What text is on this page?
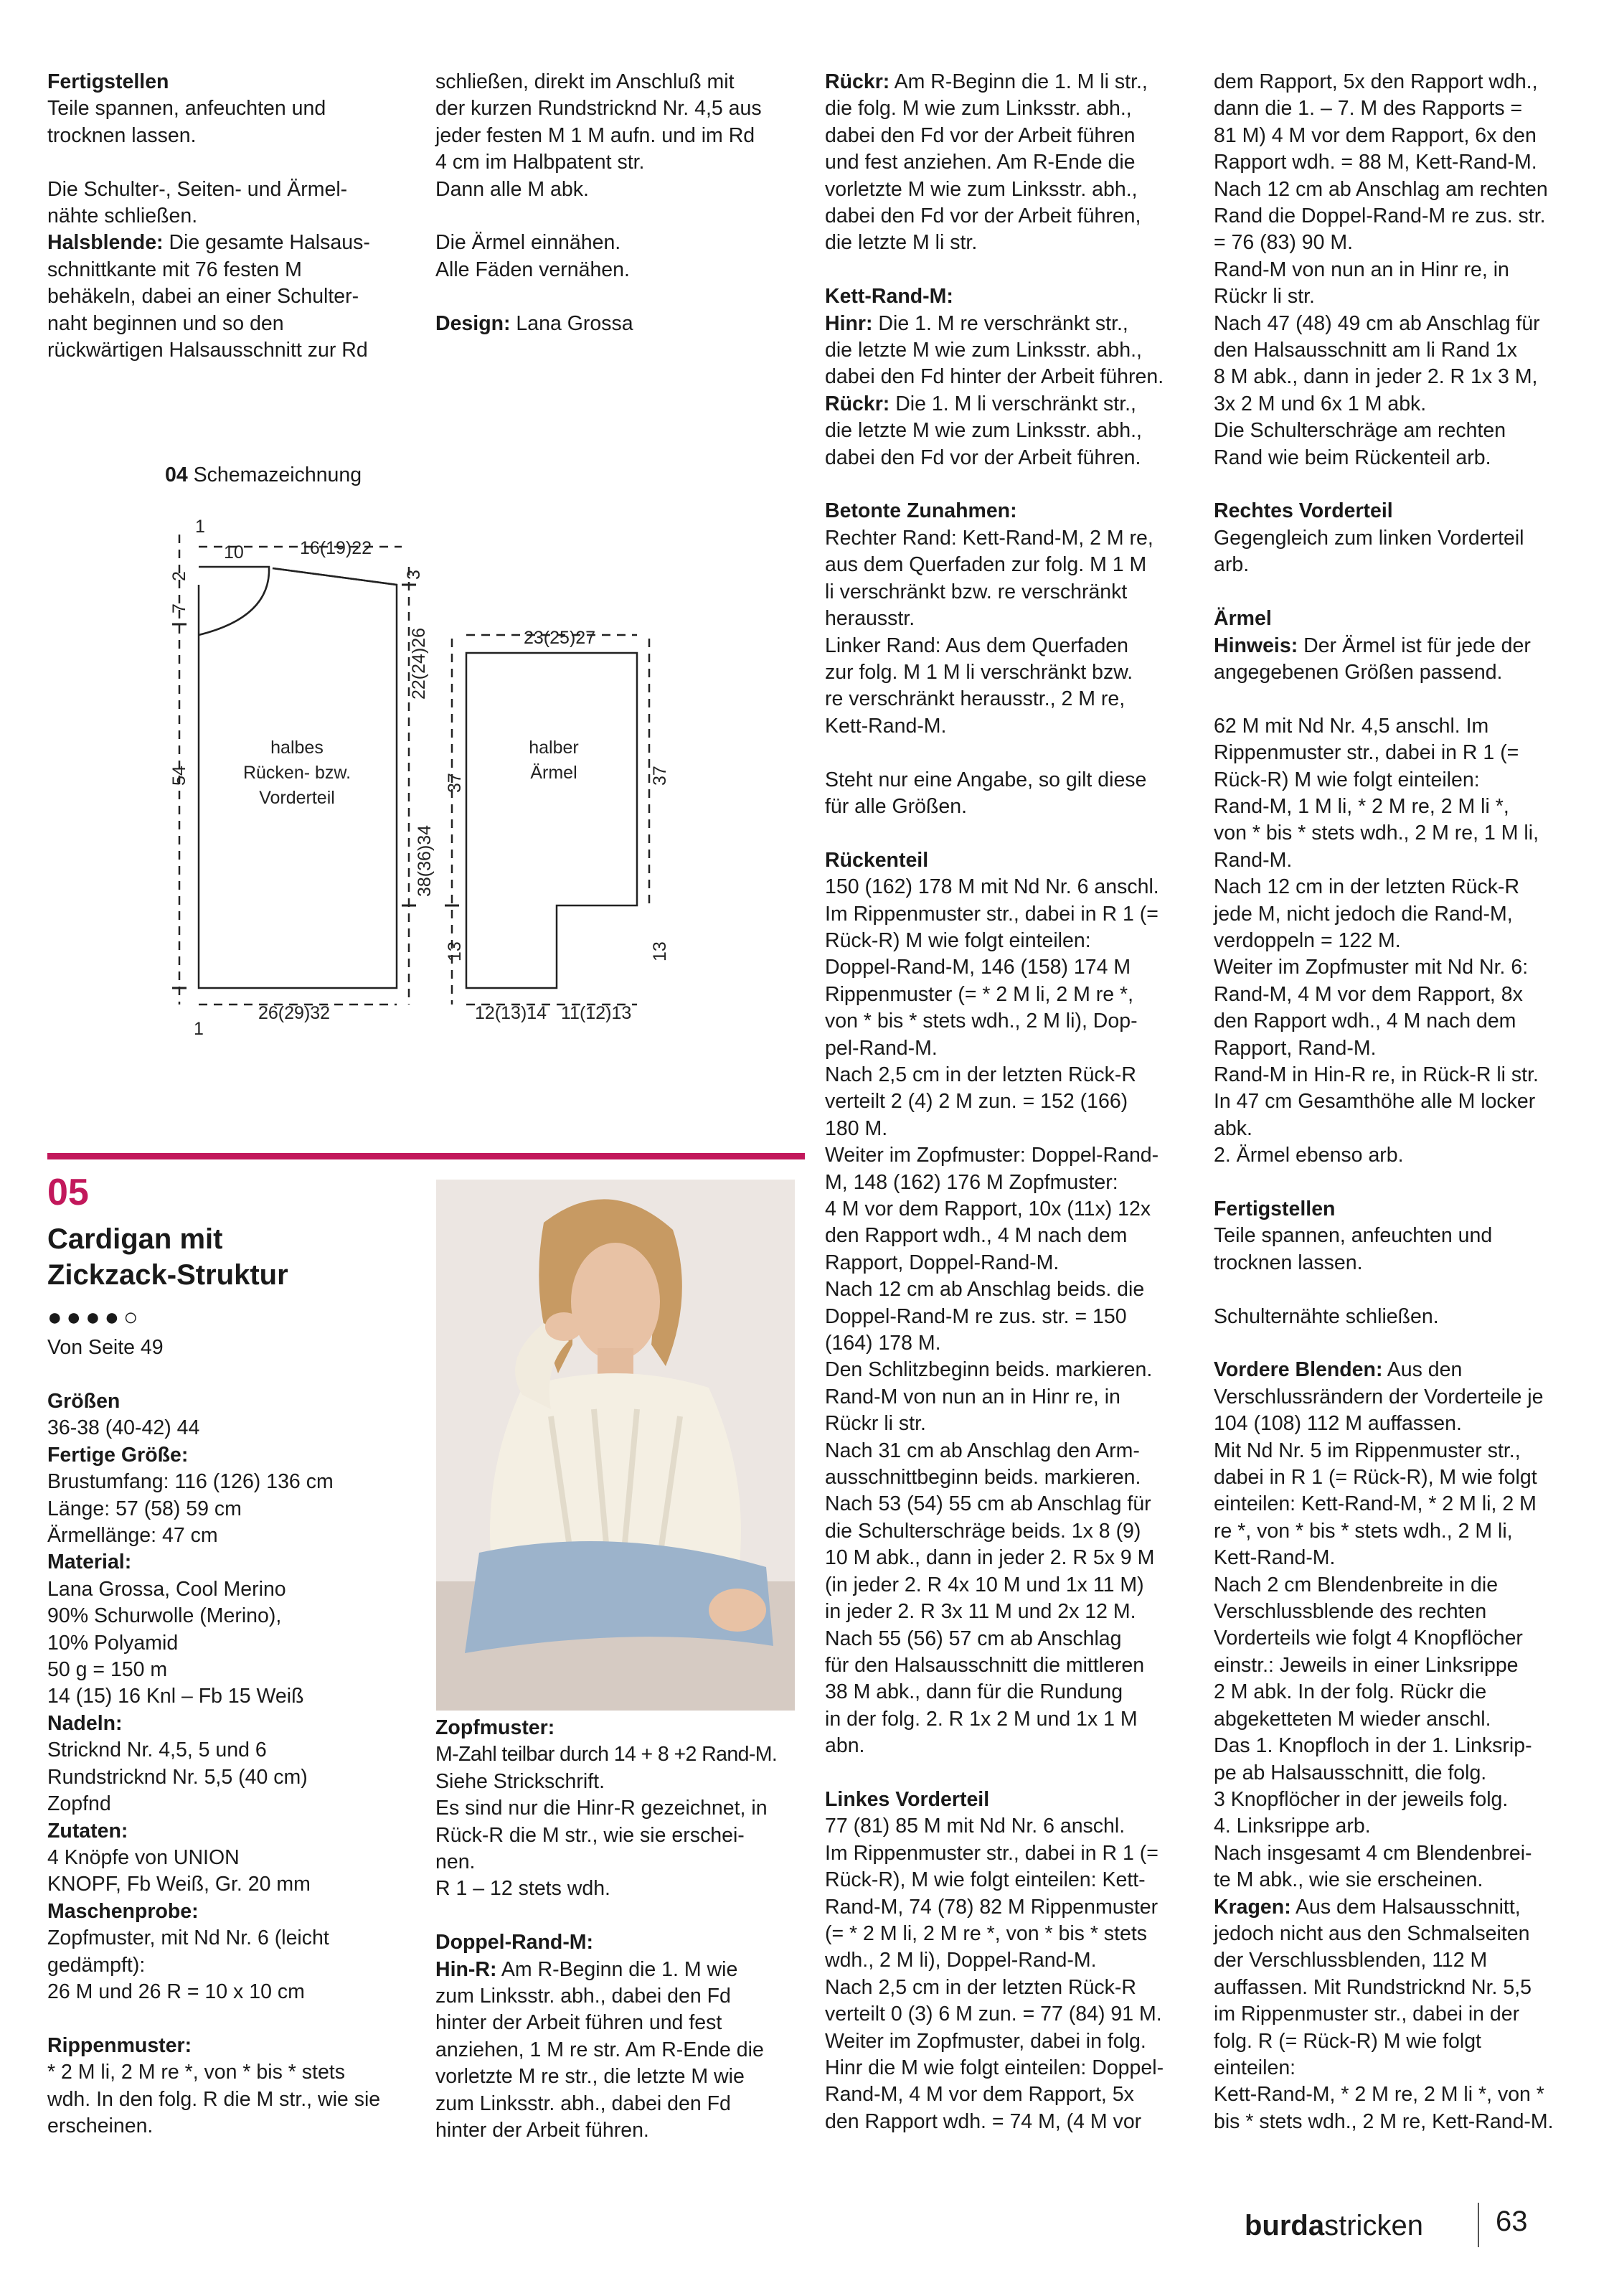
Fertigstellen

Teile spannen, anfeuchten und

trocknen lassen.

Die Schulter-, Seiten- und Ärmel-

nähte schließen.

Halsblende: Die gesamte Halsaus-

schnittkante mit 76 festen M

behäkeln, dabei an einer Schulter-

naht beginnen und so den

rückwärtigen Halsausschnitt zur Rd

schließen, direkt im Anschluß mit

der kurzen Rundstricknd Nr. 4,5 aus

jeder festen M 1 M aufn. und im Rd

4 cm im Halbpatent str.

Dann alle M abk.

Die Ärmel einnähen.

Alle Fäden vernähen.

Design: Lana Grossa

04 Schemazeichnung
1
10	16(19)22
2	3
7
54
halbes
Rücken- bzw.
Vorderteil
26(29)32
1
22(24)26
37
38(36)34
13
23(25)27
halber
Ärmel	37
13
12(13)14 11(12)13
05
Cardigan mit
Zickzack-Struktur
●●●●○
Von Seite 49

Größen

36-38 (40-42) 44

Fertige Größe:

Brustumfang: 116 (126) 136 cm

Länge: 57 (58) 59 cm

Ärmellänge: 47 cm

Material:

Lana Grossa, Cool Merino

90% Schurwolle (Merino),

10% Polyamid

50 g = 150 m

14 (15) 16 Knl – Fb 15 Weiß

Nadeln:

Stricknd Nr. 4,5, 5 und 6

Rundstricknd Nr. 5,5 (40 cm)

Zopfnd

Zutaten:

4 Knöpfe von UNION

KNOPF, Fb Weiß, Gr. 20 mm

Maschenprobe:

Zopfmuster, mit Nd Nr. 6 (leicht

gedämpft):

26 M und 26 R = 10 x 10 cm

Rippenmuster:

* 2 M li, 2 M re *, von * bis * stets

wdh. In den folg. R die M str., wie sie

erscheinen.

Zopfmuster:

M-Zahl teilbar durch 14 + 8 +2 Rand-M.

Siehe Strickschrift.

Es sind nur die Hinr-R gezeichnet, in

Rück-R die M str., wie sie erschei-

nen.

R 1 – 12 stets wdh.

Doppel-Rand-M:

Hin-R: Am R-Beginn die 1. M wie

zum Linksstr. abh., dabei den Fd

hinter der Arbeit führen und fest

anziehen, 1 M re str. Am R-Ende die

vorletzte M re str., die letzte M wie

zum Linksstr. abh., dabei den Fd

hinter der Arbeit führen.

Rückr: Am R-Beginn die 1. M li str.,

die folg. M wie zum Linksstr. abh.,

dabei den Fd vor der Arbeit führen

und fest anziehen. Am R-Ende die

vorletzte M wie zum Linksstr. abh.,

dabei den Fd vor der Arbeit führen,

die letzte M li str.

Kett-Rand-M:

Hinr: Die 1. M re verschränkt str.,

die letzte M wie zum Linksstr. abh.,

dabei den Fd hinter der Arbeit führen.

Rückr: Die 1. M li verschränkt str.,

die letzte M wie zum Linksstr. abh.,

dabei den Fd vor der Arbeit führen.

Betonte Zunahmen:

Rechter Rand: Kett-Rand-M, 2 M re,

aus dem Querfaden zur folg. M 1 M

li verschränkt bzw. re verschränkt

herausstr.

Linker Rand: Aus dem Querfaden

zur folg. M 1 M li verschränkt bzw.

re verschränkt herausstr., 2 M re,

Kett-Rand-M.

Steht nur eine Angabe, so gilt diese

für alle Größen.

Rückenteil

150 (162) 178 M mit Nd Nr. 6 anschl.

Im Rippenmuster str., dabei in R 1 (=

Rück-R) M wie folgt einteilen:

Doppel-Rand-M, 146 (158) 174 M

Rippenmuster (= * 2 M li, 2 M re *,

von * bis * stets wdh., 2 M li), Dop-

pel-Rand-M.

Nach 2,5 cm in der letzten Rück-R

verteilt 2 (4) 2 M zun. = 152 (166)

180 M.

Weiter im Zopfmuster: Doppel-Rand-

M, 148 (162) 176 M Zopfmuster:

4 M vor dem Rapport, 10x (11x) 12x

den Rapport wdh., 4 M nach dem

Rapport, Doppel-Rand-M.

Nach 12 cm ab Anschlag beids. die

Doppel-Rand-M re zus. str. = 150

(164) 178 M.

Den Schlitzbeginn beids. markieren.

Rand-M von nun an in Hinr re, in

Rückr li str.

Nach 31 cm ab Anschlag den Arm-

ausschnittbeginn beids. markieren.

Nach 53 (54) 55 cm ab Anschlag für

die Schulterschräge beids. 1x 8 (9)

10 M abk., dann in jeder 2. R 5x 9 M

(in jeder 2. R 4x 10 M und 1x 11 M)

in jeder 2. R 3x 11 M und 2x 12 M.

Nach 55 (56) 57 cm ab Anschlag

für den Halsausschnitt die mittleren

38 M abk., dann für die Rundung

in der folg. 2. R 1x 2 M und 1x 1 M

abn.

Linkes Vorderteil

77 (81) 85 M mit Nd Nr. 6 anschl.

Im Rippenmuster str., dabei in R 1 (=

Rück-R), M wie folgt einteilen: Kett-

Rand-M, 74 (78) 82 M Rippenmuster

(= * 2 M li, 2 M re *, von * bis * stets

wdh., 2 M li), Doppel-Rand-M.

Nach 2,5 cm in der letzten Rück-R

verteilt 0 (3) 6 M zun. = 77 (84) 91 M.

Weiter im Zopfmuster, dabei in folg.

Hinr die M wie folgt einteilen: Doppel-

Rand-M, 4 M vor dem Rapport, 5x

den Rapport wdh. = 74 M, (4 M vor

dem Rapport, 5x den Rapport wdh.,

dann die 1. – 7. M des Rapports =

81 M) 4 M vor dem Rapport, 6x den

Rapport wdh. = 88 M, Kett-Rand-M.

Nach 12 cm ab Anschlag am rechten

Rand die Doppel-Rand-M re zus. str.

= 76 (83) 90 M.

Rand-M von nun an in Hinr re, in

Rückr li str.

Nach 47 (48) 49 cm ab Anschlag für

den Halsausschnitt am li Rand 1x

8 M abk., dann in jeder 2. R 1x 3 M,

3x 2 M und 6x 1 M abk.

Die Schulterschräge am rechten

Rand wie beim Rückenteil arb.

Rechtes Vorderteil

Gegengleich zum linken Vorderteil

arb.

Ärmel

Hinweis: Der Ärmel ist für jede der

angegebenen Größen passend.

62 M mit Nd Nr. 4,5 anschl. Im

Rippenmuster str., dabei in R 1 (=

Rück-R) M wie folgt einteilen:

Rand-M, 1 M li, * 2 M re, 2 M li *,

von * bis * stets wdh., 2 M re, 1 M li,

Rand-M.

Nach 12 cm in der letzten Rück-R

jede M, nicht jedoch die Rand-M,

verdoppeln = 122 M.

Weiter im Zopfmuster mit Nd Nr. 6:

Rand-M, 4 M vor dem Rapport, 8x

den Rapport wdh., 4 M nach dem

Rapport, Rand-M.

Rand-M in Hin-R re, in Rück-R li str.

In 47 cm Gesamthöhe alle M locker

abk.

2. Ärmel ebenso arb.

Fertigstellen

Teile spannen, anfeuchten und

trocknen lassen.

Schulternähte schließen.

Vordere Blenden: Aus den

Verschlussrändern der Vorderteile je

104 (108) 112 M auffassen.

Mit Nd Nr. 5 im Rippenmuster str.,

dabei in R 1 (= Rück-R), M wie folgt

einteilen: Kett-Rand-M, * 2 M li, 2 M

re *, von * bis * stets wdh., 2 M li,

Kett-Rand-M.

Nach 2 cm Blendenbreite in die

Verschlussblende des rechten

Vorderteils wie folgt 4 Knopflöcher

einstr.: Jeweils in einer Linksrippe

2 M abk. In der folg. Rückr die

abgeketteten M wieder anschl.

Das 1. Knopfloch in der 1. Linksrip-

pe ab Halsausschnitt, die folg.

3 Knopflöcher in der jeweils folg.

4. Linksrippe arb.

Nach insgesamt 4 cm Blendenbrei-

te M abk., wie sie erscheinen.

Kragen: Aus dem Halsausschnitt,

jedoch nicht aus den Schmalseiten

der Verschlussblenden, 112 M

auffassen. Mit Rundstricknd Nr. 5,5

im Rippenmuster str., dabei in der

folg. R (= Rück-R) M wie folgt

einteilen:

Kett-Rand-M, * 2 M re, 2 M li *, von *

bis * stets wdh., 2 M re, Kett-Rand-M.

burdastricken	63
